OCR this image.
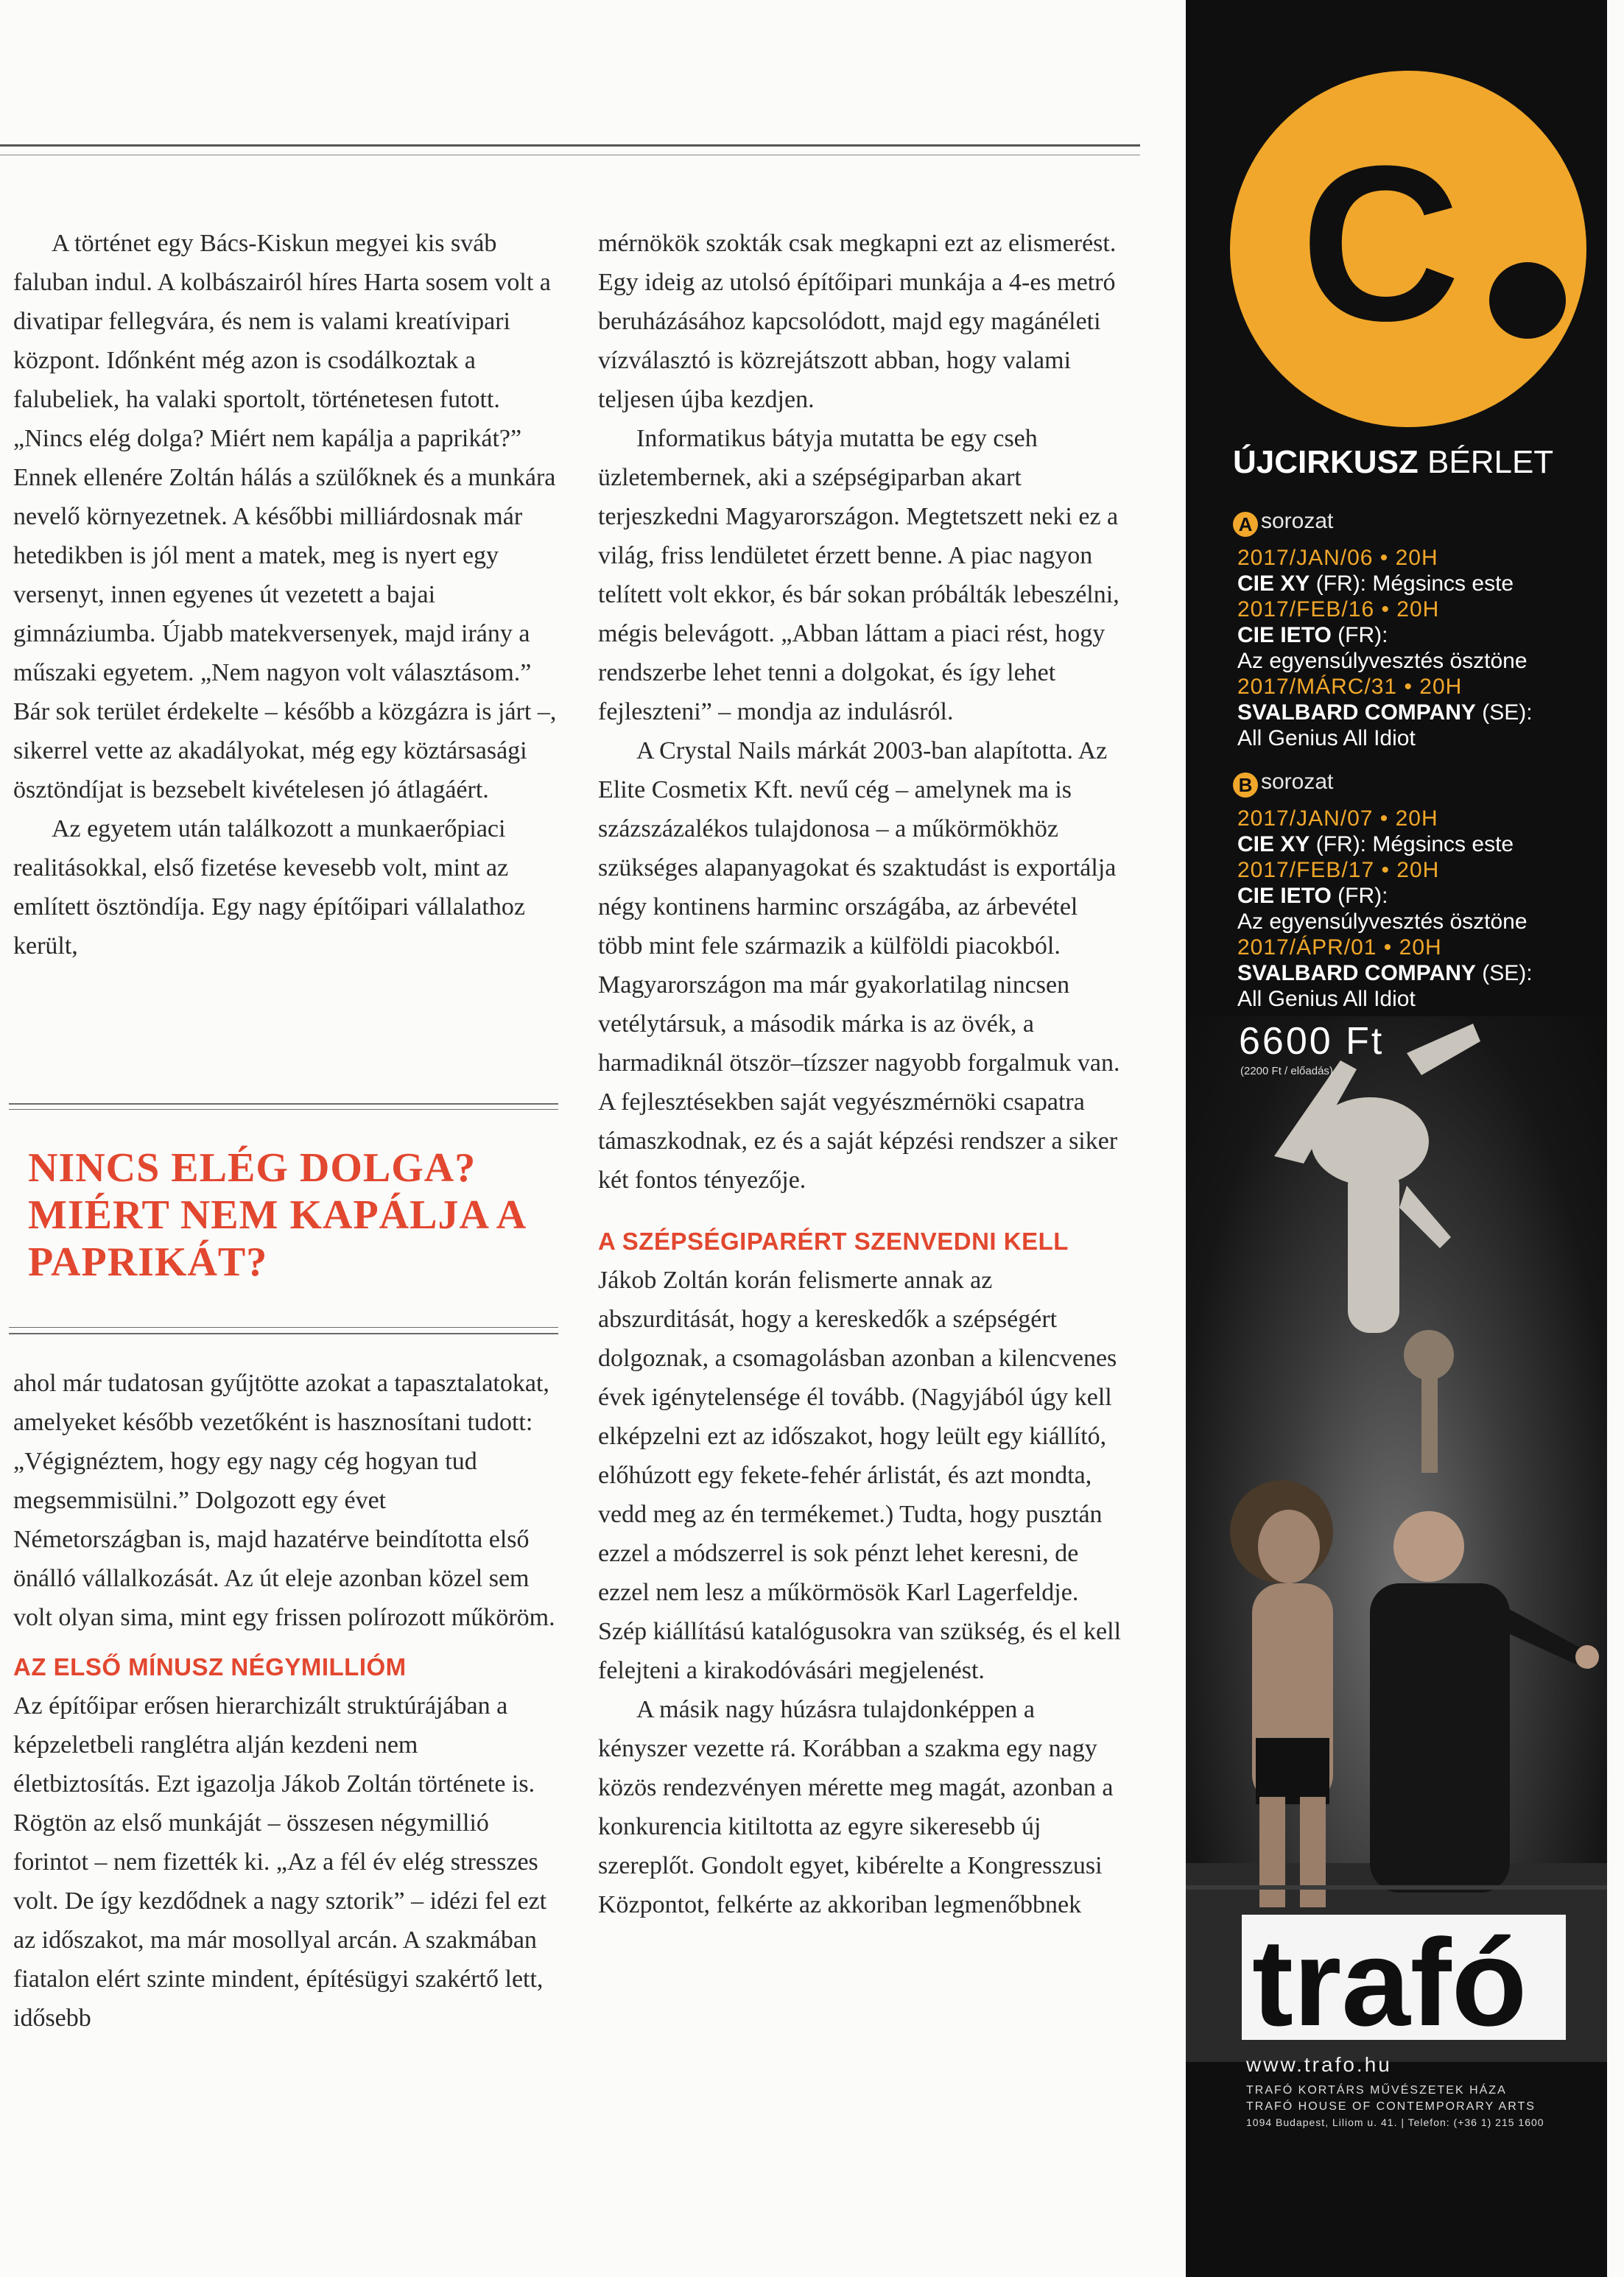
A történet egy Bács-Kiskun megyei kis sváb faluban indul. A kolbászairól híres Harta sosem volt a divatipar fellegvára, és nem is valami kreatívipari központ. Időnként még azon is csodálkoztak a falubeliek, ha valaki sportolt, történetesen futott. „Nincs elég dolga? Miért nem kapálja a paprikát?” Ennek ellenére Zoltán hálás a szülőknek és a munkára nevelő környezetnek. A későbbi milliárdosnak már hetedikben is jól ment a matek, meg is nyert egy versenyt, innen egyenes út vezetett a bajai gimnáziumba. Újabb matekversenyek, majd irány a műszaki egyetem. „Nem nagyon volt választásom.” Bár sok terület érdekelte – később a közgázra is járt –, sikerrel vette az akadályokat, még egy köztársasági ösztöndíjat is bezsebelt kivételesen jó átlagáért.

Az egyetem után találkozott a munkaerőpiaci realitásokkal, első fizetése kevesebb volt, mint az említett ösztöndíja. Egy nagy építőipari vállalathoz került,

NINCS ELÉG DOLGA? MIÉRT NEM KAPÁLJA A PAPRIKÁT?

ahol már tudatosan gyűjtötte azokat a tapasztalatokat, amelyeket később vezetőként is hasznosítani tudott: „Végignéztem, hogy egy nagy cég hogyan tud megsemmisülni.” Dolgozott egy évet Németországban is, majd hazatérve beindította első önálló vállalkozását. Az út eleje azonban közel sem volt olyan sima, mint egy frissen polírozott műköröm.

AZ ELSŐ MÍNUSZ NÉGYMILLIÓM

Az építőipar erősen hierarchizált struktúrájában a képzeletbeli ranglétra alján kezdeni nem életbiztosítás. Ezt igazolja Jákob Zoltán története is. Rögtön az első munkáját – összesen négymillió forintot – nem fizették ki. „Az a fél év elég stresszes volt. De így kezdődnek a nagy sztorik” – idézi fel ezt az időszakot, ma már mosollyal arcán. A szakmában fiatalon elért szinte mindent, építésügyi szakértő lett, idősebb

mérnökök szokták csak megkapni ezt az elismerést. Egy ideig az utolsó építőipari munkája a 4-es metró beruházásához kapcsolódott, majd egy magánéleti vízválasztó is közrejátszott abban, hogy valami teljesen újba kezdjen.

Informatikus bátyja mutatta be egy cseh üzletembernek, aki a szépségiparban akart terjeszkedni Magyarországon. Megtetszett neki ez a világ, friss lendületet érzett benne. A piac nagyon telített volt ekkor, és bár sokan próbálták lebeszélni, mégis belevágott. „Abban láttam a piaci rést, hogy rendszerbe lehet tenni a dolgokat, és így lehet fejleszteni” – mondja az indulásról.

A Crystal Nails márkát 2003-ban alapította. Az Elite Cosmetix Kft. nevű cég – amelynek ma is százszázalékos tulajdonosa – a műkörmökhöz szükséges alapanyagokat és szaktudást is exportálja négy kontinens harminc országába, az árbevétel több mint fele származik a külföldi piacokból. Magyarországon ma már gyakorlatilag nincsen vetélytársuk, a második márka is az övék, a harmadiknál ötször–tízszer nagyobb forgalmuk van. A fejlesztésekben saját vegyészmérnöki csapatra támaszkodnak, ez és a saját képzési rendszer a siker két fontos tényezője.

A SZÉPSÉGIPARÉRT SZENVEDNI KELL

Jákob Zoltán korán felismerte annak az abszurditását, hogy a kereskedők a szépségért dolgoznak, a csomagolásban azonban a kilencvenes évek igénytelensége él tovább. (Nagyjából úgy kell elképzelni ezt az időszakot, hogy leült egy kiállító, előhúzott egy fekete-fehér árlistát, és azt mondta, vedd meg az én termékemet.) Tudta, hogy pusztán ezzel a módszerrel is sok pénzt lehet keresni, de ezzel nem lesz a műkörmösök Karl Lagerfeldje. Szép kiállítású katalógusokra van szükség, és el kell felejteni a kirakodóvásári megjelenést.

A másik nagy húzásra tulajdonképpen a kényszer vezette rá. Korábban a szakma egy nagy közös rendezvényen mérette meg magát, azonban a konkurencia kitiltotta az egyre sikeresebb új szereplőt. Gondolt egyet, kibérelte a Kongresszusi Központot, felkérte az akkoriban legmenőbbnek

C
ÚJCIRKUSZ BÉRLET
A sorozat
2017/JAN/06 • 20H
CIE XY (FR): Mégsincs este
2017/FEB/16 • 20H
CIE IETO (FR):
Az egyensúlyvesztés ösztöne
2017/MÁRC/31 • 20H
SVALBARD COMPANY (SE):
All Genius All Idiot
B sorozat
2017/JAN/07 • 20H
CIE XY (FR): Mégsincs este
2017/FEB/17 • 20H
CIE IETO (FR):
Az egyensúlyvesztés ösztöne
2017/ÁPR/01 • 20H
SVALBARD COMPANY (SE):
All Genius All Idiot
6600 Ft
(2200 Ft / előadás)
trafó
www.trafo.hu
TRAFÓ KORTÁRS MŰVÉSZETEK HÁZA
TRAFÓ HOUSE OF CONTEMPORARY ARTS
1094 Budapest, Liliom u. 41. | Telefon: (+36 1) 215 1600
